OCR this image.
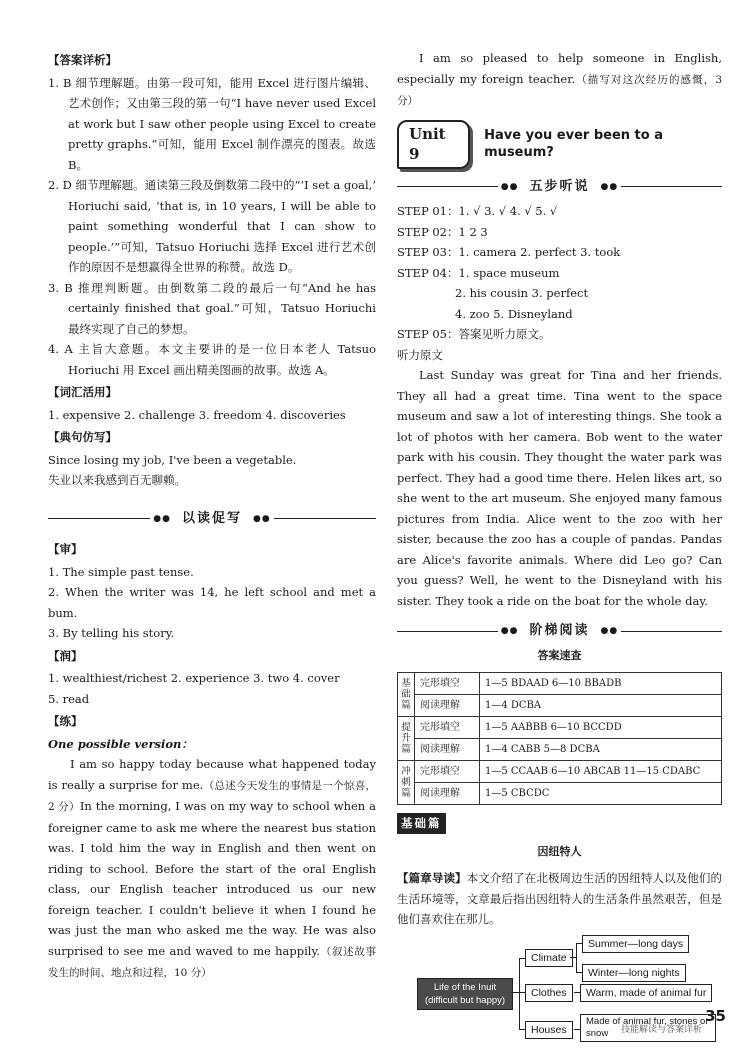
【答案详析】

1. B 细节理解题。由第一段可知，能用 Excel 进行图片编辑、艺术创作；又由第三段的第一句“I have never used Excel at work but I saw other people using Excel to create pretty graphs.”可知，能用 Excel 制作漂亮的图表。故选 B。

2. D 细节理解题。通读第三段及倒数第二段中的“‘I set a goal,’ Horiuchi said, ‘that is, in 10 years, I will be able to paint something wonderful that I can show to people.’”可知，Tatsuo Horiuchi 选择 Excel 进行艺术创作的原因不是想赢得全世界的称赞。故选 D。

3. B 推理判断题。由倒数第二段的最后一句“And he has certainly finished that goal.”可知，Tatsuo Horiuchi 最终实现了自己的梦想。

4. A 主旨大意题。本文主要讲的是一位日本老人 Tatsuo Horiuchi 用 Excel 画出精美图画的故事。故选 A。

【词汇活用】

1. expensive 2. challenge 3. freedom 4. discoveries

【典句仿写】

Since losing my job, I've been a vegetable.

失业以来我感到百无聊赖。

●● 以读促写	●●
【审】

1. The simple past tense.

2. When the writer was 14, he left school and met a bum.

3. By telling his story.

【润】

1. wealthiest/richest 2. experience 3. two 4. cover

5. read

【练】

One possible version：

I am so happy today because what happened today is really a surprise for me.（总述今天发生的事情是一个惊喜，2 分）In the morning, I was on my way to school when a foreigner came to ask me where the nearest bus station was. I told him the way in English and then went on riding to school. Before the start of the oral English class, our English teacher introduced us our new foreign teacher. I couldn't believe it when I found he was just the man who asked me the way. He was also surprised to see me and waved to me happily.（叙述故事发生的时间、地点和过程，10 分）

I am so pleased to help someone in English, especially my foreign teacher.（描写对这次经历的感慨，3 分）

Unit 9
Have you ever been to a museum?
●● 五步听说	●●

STEP 01：1. √ 3. √ 4. √ 5. √

STEP 02：1 2 3

STEP 03：1. camera 2. perfect 3. took

STEP 04：1. space museum

2. his cousin 3. perfect

4. zoo 5. Disneyland

STEP 05：答案见听力原文。

听力原文

Last Sunday was great for Tina and her friends. They all had a great time. Tina went to the space museum and saw a lot of interesting things. She took a lot of photos with her camera. Bob went to the water park with his cousin. They thought the water park was perfect. They had a good time there. Helen likes art, so she went to the art museum. She enjoyed many famous pictures from India. Alice went to the zoo with her sister, because the zoo has a couple of pandas. Pandas are Alice's favorite animals. Where did Leo go? Can you guess? Well, he went to the Disneyland with his sister. They took a ride on the boat for the whole day.

●● 阶梯阅读	●●
答案速查
基
础
篇	完形填空	1—5 BDAAD 6—10 BBADB
	阅读理解	1—4 DCBA
提
升
篇	完形填空	1—5 AABBB 6—10 BCCDD
	阅读理解	1—4 CABB 5—8 DCBA
冲
刺
篇	完形填空	1—5 CCAAB 6—10 ABCAB 11—15 CDABC
	阅读理解	1—5 CBCDC
基础篇
因纽特人

【篇章导读】本文介绍了在北极周边生活的因纽特人以及他们的生活环境等，文章最后指出因纽特人的生活条件虽然艰苦，但是他们喜欢住在那儿。

Life of the Inuit
(difficult but happy)
Climate
Summer—long days
Winter—long nights
Clothes	Warm, made of animal fur
Houses
Made of animal fur, stones or snow
35
技能解读与答案详析
